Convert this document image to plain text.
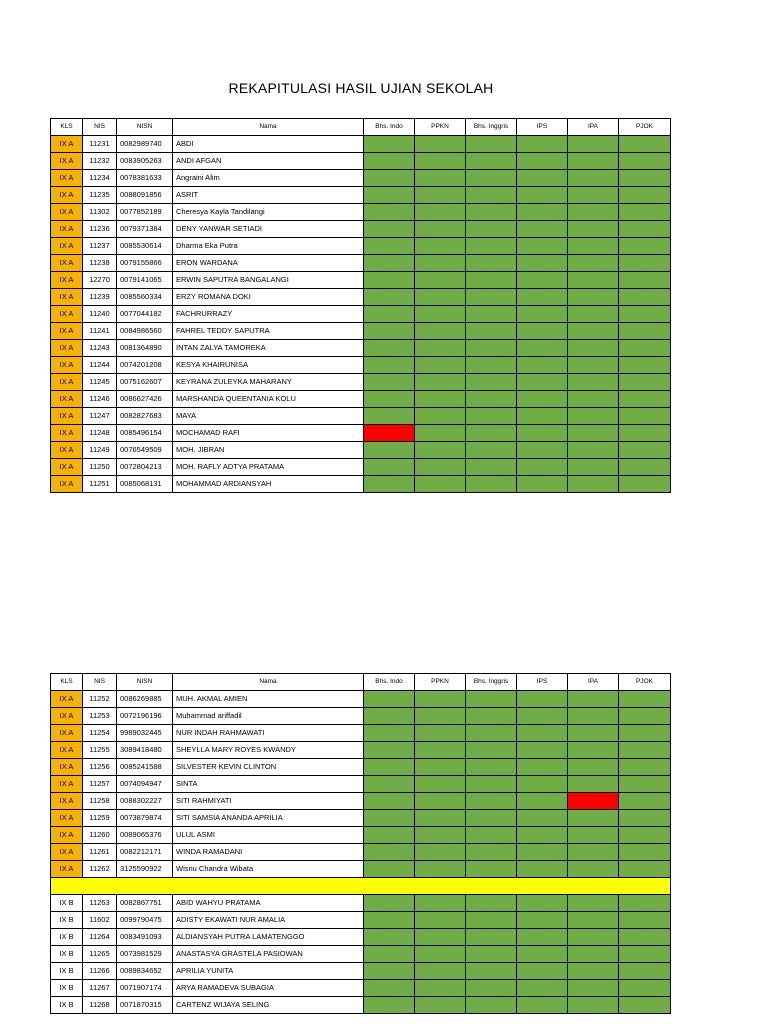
REKAPITULASI HASIL UJIAN SEKOLAH
KLS	NIS	NISN	Nama	Bhs. Indo	PPKN	Bhs. Inggris	IPS	IPA	PJOK
IX A	11231	0082989740	ABDI						
IX A	11232	0083905263	ANDI AFGAN						
IX A	11234	0078381633	Angraini Alim						
IX A	11235	0088091856	ASRIT						
IX A	11302	0077852189	Cheresya Kayla Tandilangi						
IX A	11236	0079371384	DENY YANWAR SETIADI						
IX A	11237	0085530614	Dharma Eka Putra						
IX A	11238	0079155866	ERON WARDANA						
IX A	12270	0079141065	ERWIN SAPUTRA BANGALANGI						
IX A	11239	0085560334	ERZY ROMANA DOKI						
IX A	11240	0077044182	FACHRURRAZY						
IX A	11241	0084986560	FAHREL TEDDY SAPUTRA						
IX A	11243	0081364890	INTAN ZALYA TAMOREKA						
IX A	11244	0074201208	KESYA KHAIRUNISA						
IX A	11245	0075162607	KEYRANA ZULEYKA MAHARANY						
IX A	11246	0086627426	MARSHANDA QUEENTANIA KOLU						
IX A	11247	0082827683	MAYA						
IX A	11248	0085496154	MOCHAMAD RAFI						
IX A	11249	0076549509	MOH. JIBRAN						
IX A	11250	0072804213	MOH. RAFLY ADTYA PRATAMA						
IX A	11251	0085068131	MOHAMMAD ARDIANSYAH						
KLS	NIS	NISN	Nama	Bhs. Indo	PPKN	Bhs. Inggris	IPS	IPA	PJOK
IX A	11252	0086269885	MUH. AKMAL AMIEN						
IX A	11253	0072196196	Muhammad ariffadil						
IX A	11254	9989032445	NUR INDAH RAHMAWATI						
IX A	11255	3089418480	SHEYLLA MARY ROYES KWANDY						
IX A	11256	0085241588	SILVESTER KEVIN CLINTON						
IX A	11257	0074094947	SINTA						
IX A	11258	0088302227	SITI RAHMIYATI						
IX A	11259	0073879874	SITI SAMSIA ANANDA APRILIA						
IX A	11260	0089065376	ULUL ASMI						
IX A	11261	0082212171	WINDA RAMADANI						
IX A	11262	3125590922	Wisnu Chandra Wibata						

IX B	11263	0082867751	ABID WAHYU PRATAMA						
IX B	11602	0099790475	ADISTY EKAWATI NUR AMALIA						
IX B	11264	0083491093	ALDIANSYAH PUTRA LAMATENGGO						
IX B	11265	0073981529	ANASTASYA GRASTELA PASIOWAN						
IX B	11266	0089834652	APRILIA YUNITA						
IX B	11267	0071907174	ARYA RAMADEVA SUBAGIA						
IX B	11268	0071870315	CARTENZ WIJAYA SELING						
